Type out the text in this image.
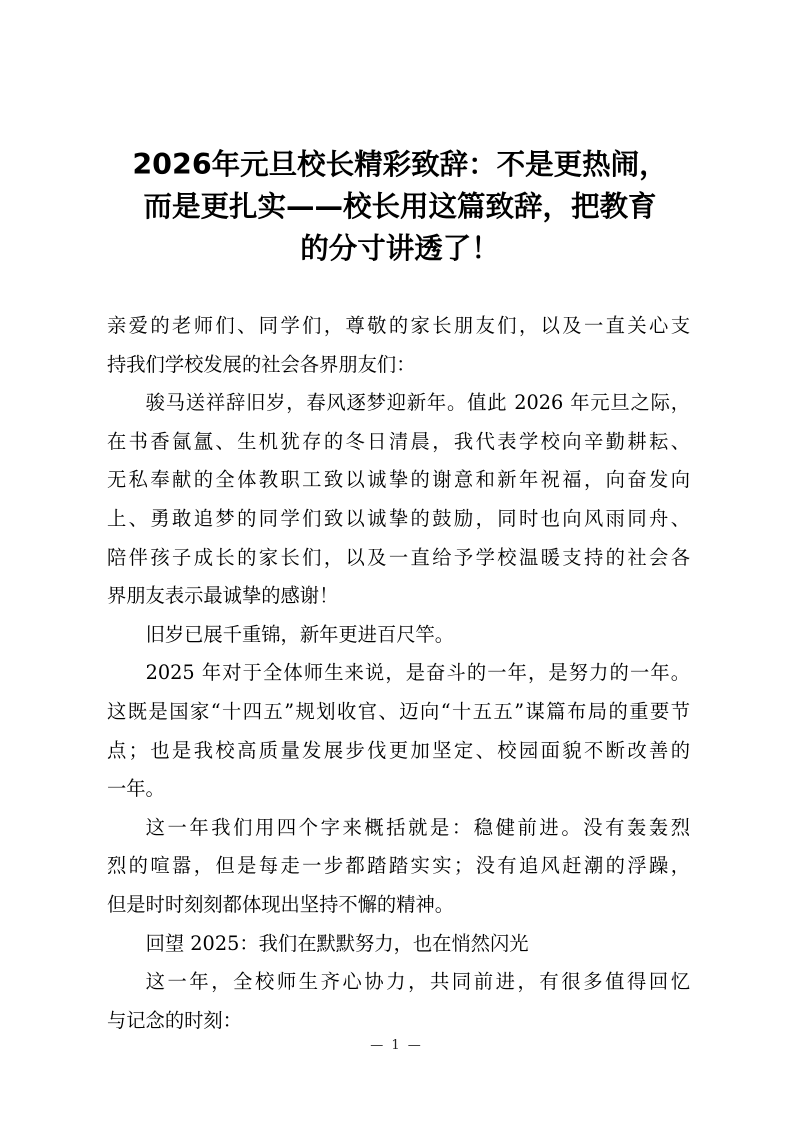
2026年元旦校长精彩致辞：不是更热闹，
而是更扎实——校长用这篇致辞，把教育
的分寸讲透了！

亲爱的老师们、同学们，尊敬的家长朋友们，以及一直关心支
持我们学校发展的社会各界朋友们：

骏马送祥辞旧岁，春风逐梦迎新年。值此 2026 年元旦之际，
在书香氤氲、生机犹存的冬日清晨，我代表学校向辛勤耕耘、
无私奉献的全体教职工致以诚挚的谢意和新年祝福，向奋发向
上、勇敢追梦的同学们致以诚挚的鼓励，同时也向风雨同舟、
陪伴孩子成长的家长们，以及一直给予学校温暖支持的社会各
界朋友表示最诚挚的感谢！

旧岁已展千重锦，新年更进百尺竿。

2025 年对于全体师生来说，是奋斗的一年，是努力的一年。
这既是国家“十四五”规划收官、迈向“十五五”谋篇布局的重要节
点；也是我校高质量发展步伐更加坚定、校园面貌不断改善的
一年。

这一年我们用四个字来概括就是：稳健前进。没有轰轰烈
烈的喧嚣，但是每走一步都踏踏实实；没有追风赶潮的浮躁，
但是时时刻刻都体现出坚持不懈的精神。

回望 2025：我们在默默努力，也在悄然闪光

这一年，全校师生齐心协力，共同前进，有很多值得回忆
与记念的时刻：

— 1 —
